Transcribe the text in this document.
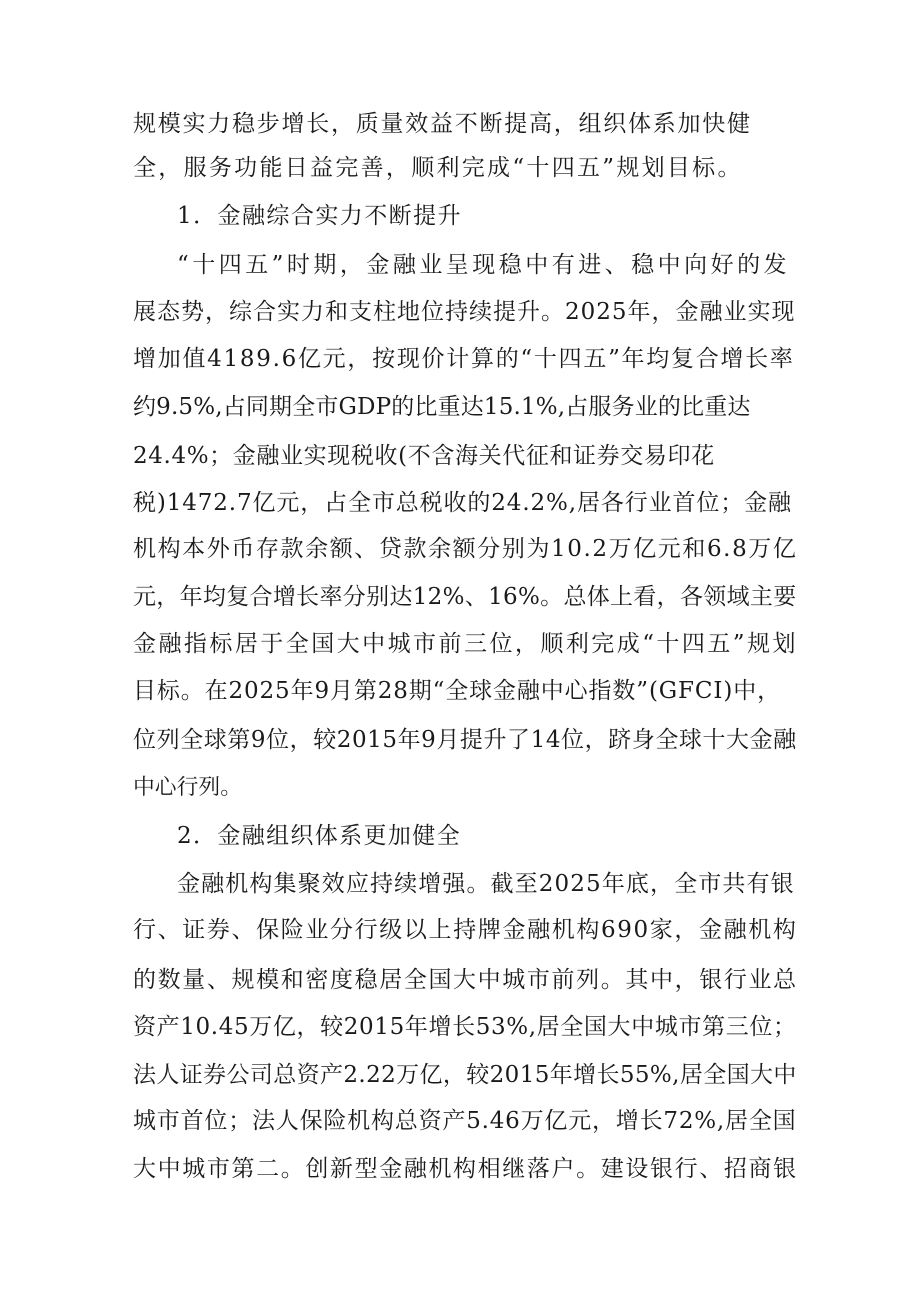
规模实力稳步增长，质量效益不断提高，组织体系加快健
全，服务功能日益完善，顺利完成“十四五”规划目标。
1．金融综合实力不断提升
“十四五”时期，金融业呈现稳中有进、稳中向好的发
展态势，综合实力和支柱地位持续提升。2025年，金融业实现
增加值4189.6亿元，按现价计算的“十四五”年均复合增长率
约9.5%,占同期全市GDP的比重达15.1%,占服务业的比重达
24.4%；金融业实现税收(不含海关代征和证券交易印花
税)1472.7亿元，占全市总税收的24.2%,居各行业首位；金融
机构本外币存款余额、贷款余额分别为10.2万亿元和6.8万亿
元，年均复合增长率分别达12%、16%。总体上看，各领域主要
金融指标居于全国大中城市前三位，顺利完成“十四五”规划
目标。在2025年9月第28期“全球金融中心指数”(GFCI)中，
位列全球第9位，较2015年9月提升了14位，跻身全球十大金融
中心行列。
2．金融组织体系更加健全
金融机构集聚效应持续增强。截至2025年底，全市共有银
行、证券、保险业分行级以上持牌金融机构690家，金融机构
的数量、规模和密度稳居全国大中城市前列。其中，银行业总
资产10.45万亿，较2015年增长53%,居全国大中城市第三位；
法人证券公司总资产2.22万亿，较2015年增长55%,居全国大中
城市首位；法人保险机构总资产5.46万亿元，增长72%,居全国
大中城市第二。创新型金融机构相继落户。建设银行、招商银
